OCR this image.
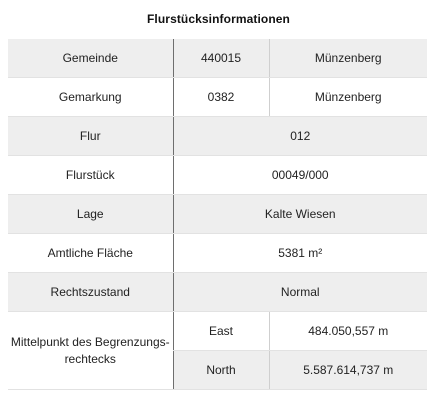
Flurstücksinformationen
Gemeinde	440015	Münzenberg
Gemarkung	0382	Münzenberg
Flur	012	
Flurstück	00049/000	
Lage	Kalte Wiesen	
Amtliche Fläche	5381 m²	
Rechtszustand	Normal	
Mittelpunkt des Begrenzungs-rechtecks	East	484.050,557 m
	North	5.587.614,737 m
